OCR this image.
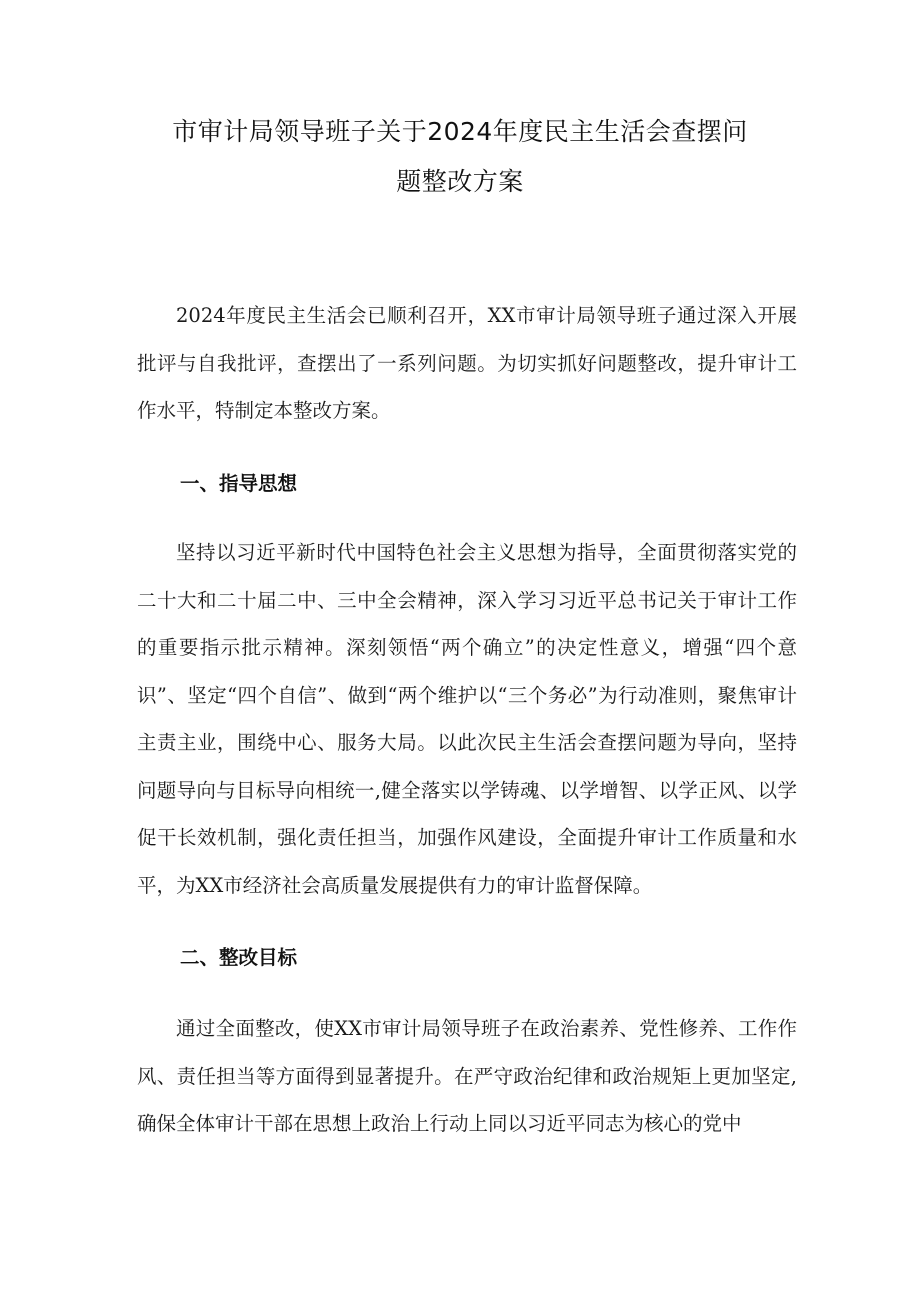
市审计局领导班子关于2024年度民主生活会查摆问
题整改方案

2024年度民主生活会已顺利召开，XX市审计局领导班子通过深入开展批评与自我批评，查摆出了一系列问题。为切实抓好问题整改，提升审计工作水平，特制定本整改方案。

一、指导思想

坚持以习近平新时代中国特色社会主义思想为指导，全面贯彻落实党的二十大和二十届二中、三中全会精神，深入学习习近平总书记关于审计工作的重要指示批示精神。深刻领悟“两个确立”的决定性意义，增强“四个意识”、坚定“四个自信”、做到“两个维护以“三个务必”为行动准则，聚焦审计主责主业，围绕中心、服务大局。以此次民主生活会查摆问题为导向，坚持问题导向与目标导向相统一,健全落实以学铸魂、以学增智、以学正风、以学促干长效机制，强化责任担当，加强作风建设，全面提升审计工作质量和水平，为XX市经济社会高质量发展提供有力的审计监督保障。

二、整改目标

通过全面整改，使XX市审计局领导班子在政治素养、党性修养、工作作风、责任担当等方面得到显著提升。在严守政治纪律和政治规矩上更加坚定,确保全体审计干部在思想上政治上行动上同以习近平同志为核心的党中
